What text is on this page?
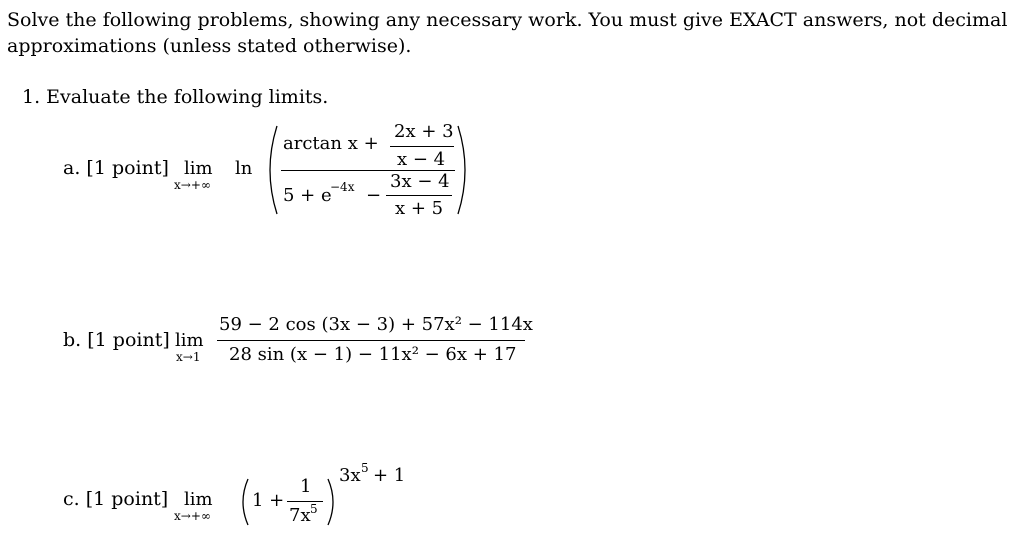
Solve the following problems, showing any necessary work. You must give EXACT answers, not decimal
approximations (unless stated otherwise).
1. Evaluate the following limits.
a. [1 point] lim
x→+∞
ln
arctan x +
2x + 3
x − 4
5 + e
−4x −
3x − 4
x + 5
b. [1 point] lim
x→1
59 − 2 cos (3x − 3) + 57x² − 114x
28 sin (x − 1) − 11x² − 6x + 17
c. [1 point] lim
x→+∞
1 +
1
7x 5
3x 5 + 1
